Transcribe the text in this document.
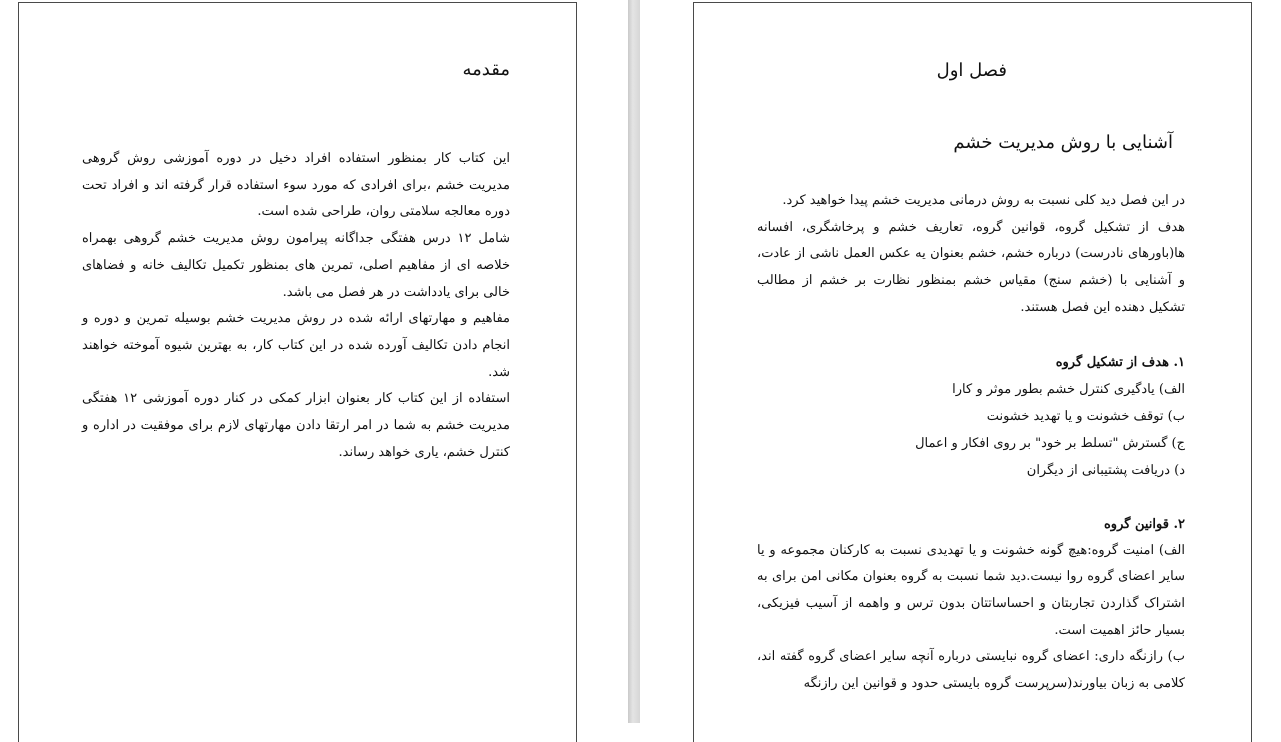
مقدمه

این کتاب کار بمنظور استفاده افراد دخیل در دوره آموزشی روش گروهی مدیریت خشم ،برای افرادی که مورد سوء استفاده قرار گرفته اند و افراد تحت دوره معالجه سلامتی روان، طراحی شده است.

شامل ۱۲ درس هفتگی جداگانه پیرامون روش مدیریت خشم گروهی بهمراه خلاصه ای از مفاهیم اصلی، تمرین های بمنظور تکمیل تکالیف خانه و فضاهای خالی برای یادداشت در هر فصل می باشد.

مفاهیم و مهارتهای ارائه شده در روش مدیریت خشم بوسیله تمرین و دوره و انجام دادن تکالیف آورده شده در این کتاب کار، به بهترین شیوه آموخته خواهند شد.

استفاده از این کتاب کار بعنوان ابزار کمکی در کنار دوره آموزشی ۱۲ هفتگی مدیریت خشم به شما در امر ارتقا دادن مهارتهای لازم برای موفقیت در اداره و کنترل خشم، یاری خواهد رساند.

فصل اول
آشنایی با روش مدیریت خشم

در این فصل دید کلی نسبت به روش درمانی مدیریت خشم پیدا خواهید کرد.

هدف از تشکیل گروه، قوانین گروه، تعاریف خشم و پرخاشگری، افسانه ها(باورهای نادرست) درباره خشم، خشم بعنوان یه عکس العمل ناشی از عادت، و آشنایی با (خشم سنج) مقیاس خشم بمنظور نظارت بر خشم از مطالب تشکیل دهنده این فصل هستند.

۱. هدف از تشکیل گروه

الف) یادگیری کنترل خشم بطور موثر و کارا

ب) توقف خشونت و یا تهدید خشونت

ج) گسترش "تسلط بر خود" بر روی افکار و اعمال

د) دریافت پشتیبانی از دیگران

۲. قوانین گروه

الف) امنیت گروه:هیچ گونه خشونت و یا تهدیدی نسبت به کارکنان مجموعه و یا سایر اعضای گروه روا نیست.دید شما نسبت به گروه بعنوان مکانی امن برای به اشتراک گذاردن تجاربتان و احساساتتان بدون ترس و واهمه از آسیب فیزیکی، بسیار حائز اهمیت است.

ب) رازنگه داری: اعضای گروه نبایستی درباره آنچه سایر اعضای گروه گفته اند، کلامی به زبان بیاورند(سرپرست گروه بایستی حدود و قوانین این رازنگه
